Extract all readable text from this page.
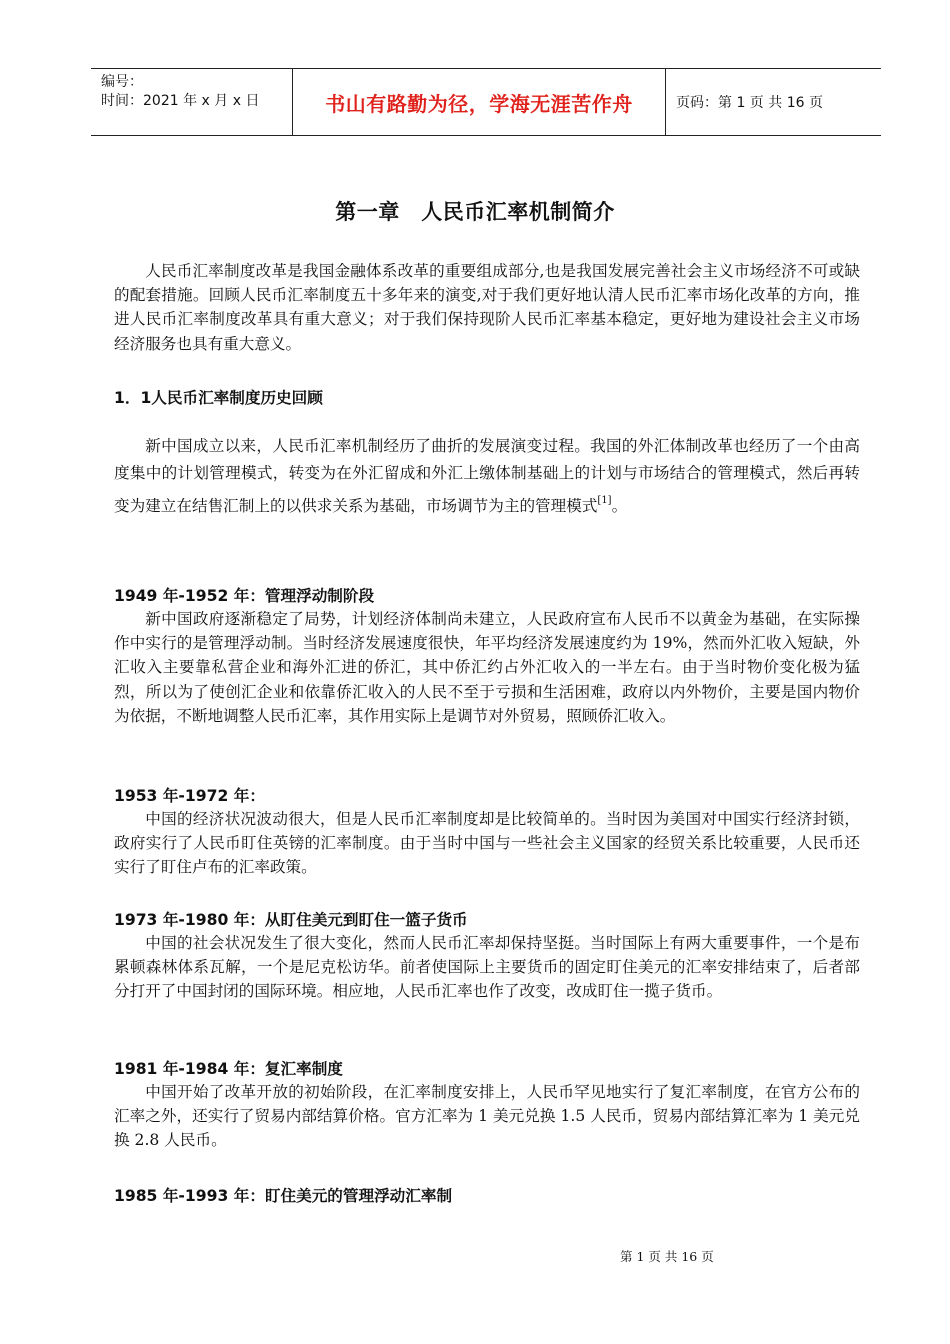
编号：
时间：2021 年 x 月 x 日	书山有路勤为径，学海无涯苦作舟	页码：第 1 页 共 16 页
第一章　人民币汇率机制简介

人民币汇率制度改革是我国金融体系改革的重要组成部分,也是我国发展完善社会主义市场经济不可或缺的配套措施。回顾人民币汇率制度五十多年来的演变,对于我们更好地认清人民币汇率市场化改革的方向，推进人民币汇率制度改革具有重大意义；对于我们保持现阶人民币汇率基本稳定，更好地为建设社会主义市场经济服务也具有重大意义。

1．1人民币汇率制度历史回顾

新中国成立以来，人民币汇率机制经历了曲折的发展演变过程。我国的外汇体制改革也经历了一个由高度集中的计划管理模式，转变为在外汇留成和外汇上缴体制基础上的计划与市场结合的管理模式，然后再转变为建立在结售汇制上的以供求关系为基础，市场调节为主的管理模式[1]。

1949 年-1952 年：管理浮动制阶段

新中国政府逐渐稳定了局势，计划经济体制尚未建立，人民政府宣布人民币不以黄金为基础，在实际操作中实行的是管理浮动制。当时经济发展速度很快，年平均经济发展速度约为 19%，然而外汇收入短缺，外汇收入主要靠私营企业和海外汇进的侨汇，其中侨汇约占外汇收入的一半左右。由于当时物价变化极为猛烈，所以为了使创汇企业和依靠侨汇收入的人民不至于亏损和生活困难，政府以内外物价，主要是国内物价为依据，不断地调整人民币汇率，其作用实际上是调节对外贸易，照顾侨汇收入。

1953 年-1972 年：

中国的经济状况波动很大，但是人民币汇率制度却是比较简单的。当时因为美国对中国实行经济封锁，政府实行了人民币盯住英镑的汇率制度。由于当时中国与一些社会主义国家的经贸关系比较重要，人民币还实行了盯住卢布的汇率政策。

1973 年-1980 年：从盯住美元到盯住一篮子货币

中国的社会状况发生了很大变化，然而人民币汇率却保持坚挺。当时国际上有两大重要事件，一个是布累顿森林体系瓦解，一个是尼克松访华。前者使国际上主要货币的固定盯住美元的汇率安排结束了，后者部分打开了中国封闭的国际环境。相应地，人民币汇率也作了改变，改成盯住一揽子货币。

1981 年-1984 年：复汇率制度

中国开始了改革开放的初始阶段，在汇率制度安排上，人民币罕见地实行了复汇率制度，在官方公布的汇率之外，还实行了贸易内部结算价格。官方汇率为 1 美元兑换 1.5 人民币，贸易内部结算汇率为 1 美元兑换 2.8 人民币。

1985 年-1993 年：盯住美元的管理浮动汇率制
第 1 页 共 16 页
